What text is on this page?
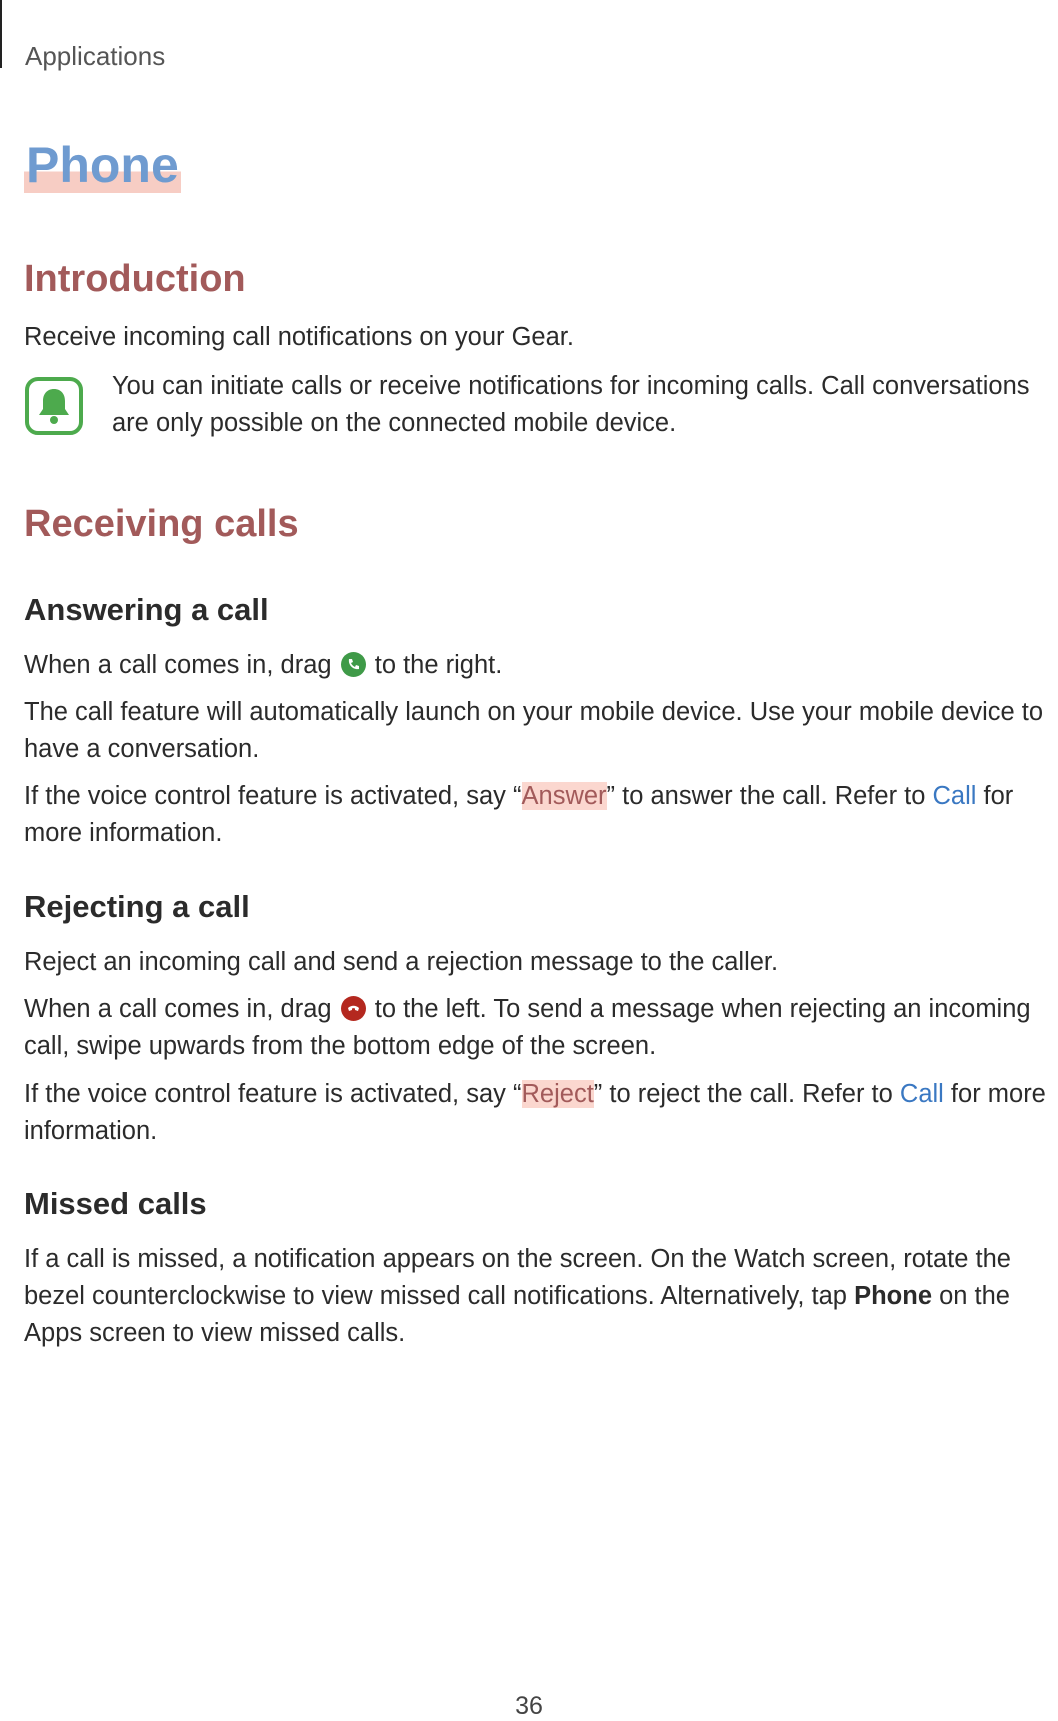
Applications
Phone
Introduction
Receive incoming call notifications on your Gear.
You can initiate calls or receive notifications for incoming calls. Call conversations are only possible on the connected mobile device.
Receiving calls
Answering a call
When a call comes in, drag to the right.
The call feature will automatically launch on your mobile device. Use your mobile device to have a conversation.
If the voice control feature is activated, say “Answer” to answer the call. Refer to Call for more information.
Rejecting a call
Reject an incoming call and send a rejection message to the caller.
When a call comes in, drag to the left. To send a message when rejecting an incoming call, swipe upwards from the bottom edge of the screen.
If the voice control feature is activated, say “Reject” to reject the call. Refer to Call for more information.
Missed calls
If a call is missed, a notification appears on the screen. On the Watch screen, rotate the bezel counterclockwise to view missed call notifications. Alternatively, tap Phone on the Apps screen to view missed calls.
36
